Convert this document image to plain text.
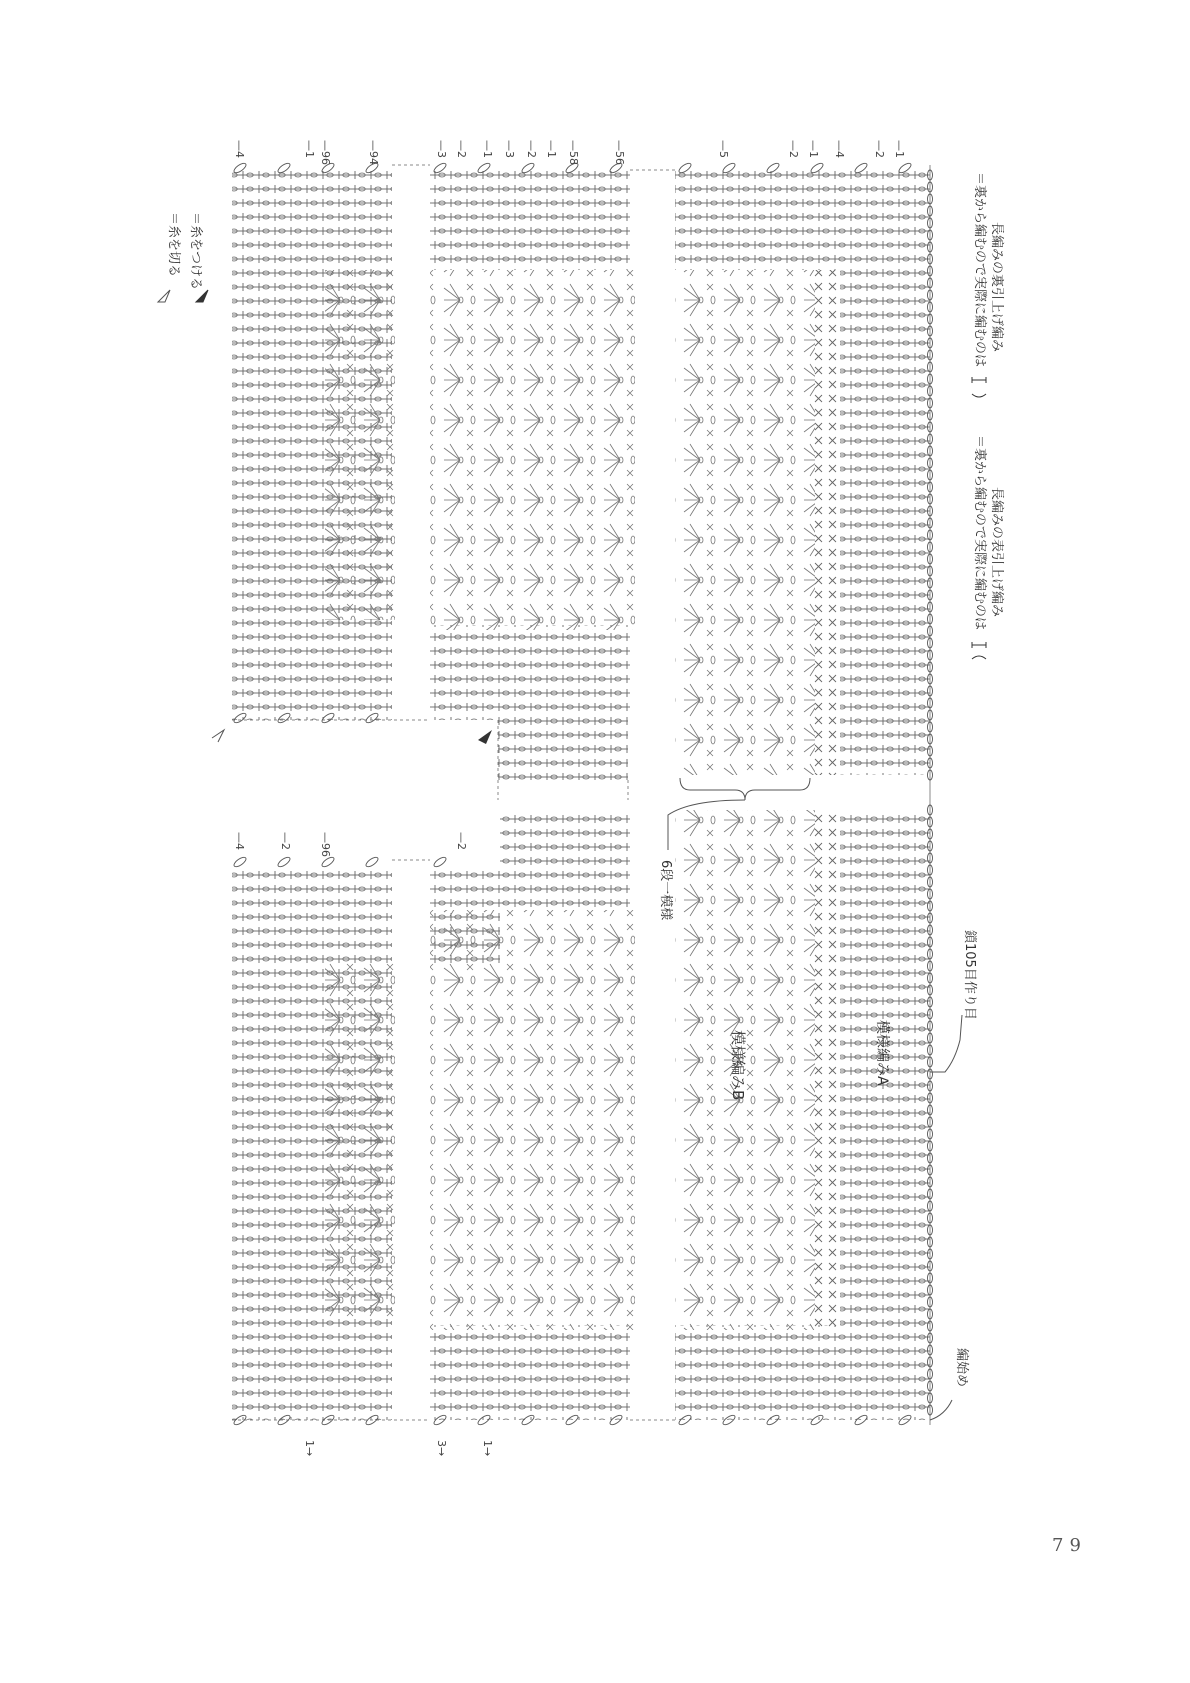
—4	—1 —96	—94	—3 —2 —1 —3 —2 —1 —58	—56	—5	—2 —1 —4 —2 —1
—4	—2 —96	—2
1→	3→	1→
6段一模様
模様編みB	模様編みA
鎖105目作り目
編始め
＝糸を切る ＝糸をつける
＝裏から編むので実際に編むのは 長編みの表引上げ編み
＝裏から編むので実際に編むのは 長編みの裏引上げ編み
79
